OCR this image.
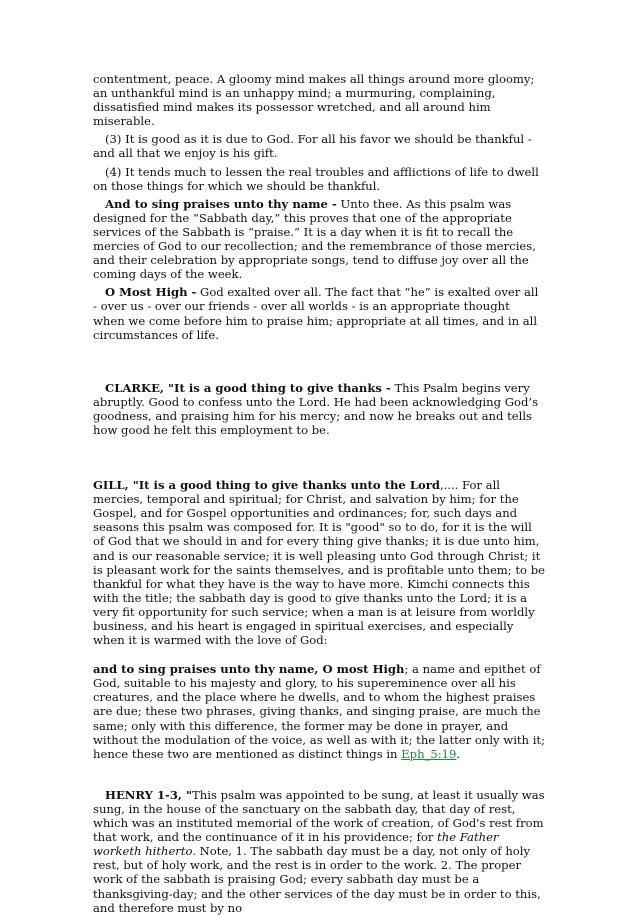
contentment, peace. A gloomy mind makes all things around more gloomy; an unthankful mind is an unhappy mind; a murmuring, complaining, dissatisfied mind makes its possessor wretched, and all around him miserable.

(3) It is good as it is due to God. For all his favor we should be thankful - and all that we enjoy is his gift.

(4) It tends much to lessen the real troubles and afflictions of life to dwell on those things for which we should be thankful.

And to sing praises unto thy name - Unto thee. As this psalm was designed for the “Sabbath day,” this proves that one of the appropriate services of the Sabbath is “praise.” It is a day when it is fit to recall the mercies of God to our recollection; and the remembrance of those mercies, and their celebration by appropriate songs, tend to diffuse joy over all the coming days of the week.

O Most High - God exalted over all. The fact that “he” is exalted over all - over us - over our friends - over all worlds - is an appropriate thought when we come before him to praise him; appropriate at all times, and in all circumstances of life.

CLARKE, "It is a good thing to give thanks - This Psalm begins very abruptly. Good to confess unto the Lord. He had been acknowledging God’s goodness, and praising him for his mercy; and now he breaks out and tells how good he felt this employment to be.

GILL, "It is a good thing to give thanks unto the Lord,.... For all mercies, temporal and spiritual; for Christ, and salvation by him; for the Gospel, and for Gospel opportunities and ordinances; for, such days and seasons this psalm was composed for. It is "good" so to do, for it is the will of God that we should in and for every thing give thanks; it is due unto him, and is our reasonable service; it is well pleasing unto God through Christ; it is pleasant work for the saints themselves, and is profitable unto them; to be thankful for what they have is the way to have more. Kimchi connects this with the title; the sabbath day is good to give thanks unto the Lord; it is a very fit opportunity for such service; when a man is at leisure from worldly business, and his heart is engaged in spiritual exercises, and especially when it is warmed with the love of God:

and to sing praises unto thy name, O most High; a name and epithet of God, suitable to his majesty and glory, to his supereminence over all his creatures, and the place where he dwells, and to whom the highest praises are due; these two phrases, giving thanks, and singing praise, are much the same; only with this difference, the former may be done in prayer, and without the modulation of the voice, as well as with it; the latter only with it; hence these two are mentioned as distinct things in Eph_5:19.

HENRY 1-3, "This psalm was appointed to be sung, at least it usually was sung, in the house of the sanctuary on the sabbath day, that day of rest, which was an instituted memorial of the work of creation, of God's rest from that work, and the continuance of it in his providence; for the Father worketh hitherto. Note, 1. The sabbath day must be a day, not only of holy rest, but of holy work, and the rest is in order to the work. 2. The proper work of the sabbath is praising God; every sabbath day must be a thanksgiving-day; and the other services of the day must be in order to this, and therefore must by no
